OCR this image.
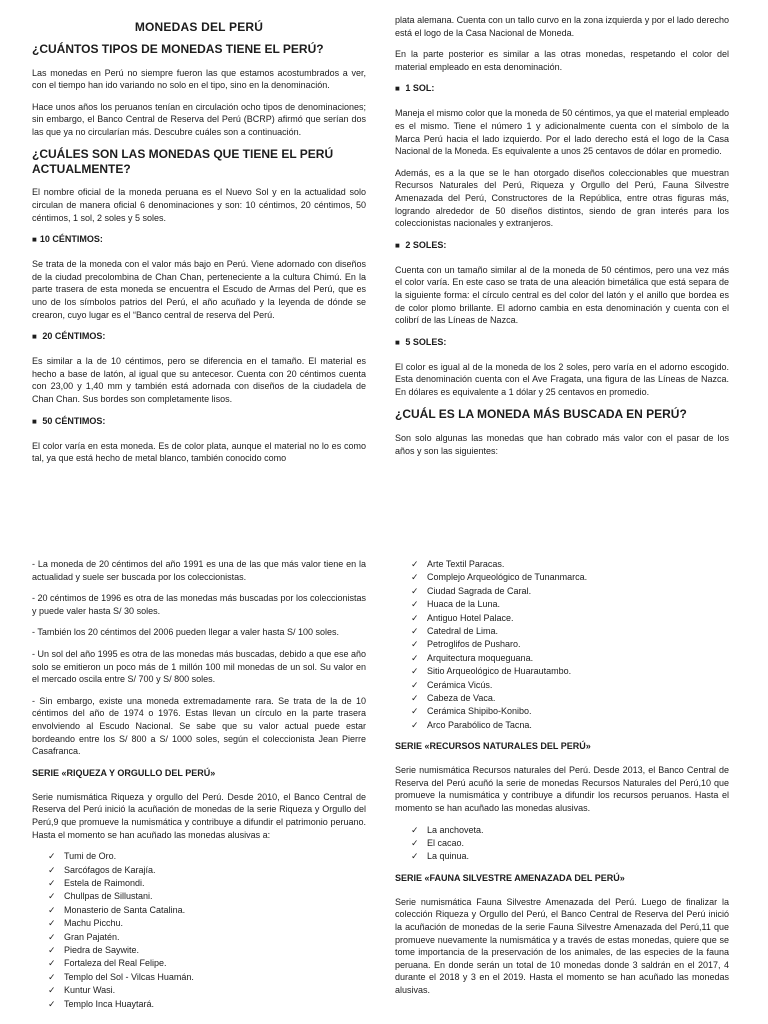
MONEDAS DEL PERÚ
¿CUÁNTOS TIPOS DE MONEDAS TIENE EL PERÚ?

Las monedas en Perú no siempre fueron las que estamos acostumbrados a ver, con el tiempo han ido variando no solo en el tipo, sino en la denominación.

Hace unos años los peruanos tenían en circulación ocho tipos de denominaciones; sin embargo, el Banco Central de Reserva del Perú (BCRP) afirmó que serían dos las que ya no circularían más. Descubre cuáles son a continuación.

¿CUÁLES SON LAS MONEDAS QUE TIENE EL PERÚ ACTUALMENTE?

El nombre oficial de la moneda peruana es el Nuevo Sol y en la actualidad solo circulan de manera oficial 6 denominaciones y son: 10 céntimos, 20 céntimos, 50 céntimos, 1 sol, 2 soles y 5 soles.

■ 10 CÉNTIMOS:

Se trata de la moneda con el valor más bajo en Perú. Viene adornado con diseños de la ciudad precolombina de Chan Chan, perteneciente a la cultura Chimú. En la parte trasera de esta moneda se encuentra el Escudo de Armas del Perú, que es uno de los símbolos patrios del Perú, el año acuñado y la leyenda de dónde se crearon, cuyo lugar es el “Banco central de reserva del Perú.

■ 20 CÉNTIMOS:

Es similar a la de 10 céntimos, pero se diferencia en el tamaño. El material es hecho a base de latón, al igual que su antecesor. Cuenta con 20 céntimos cuenta con 23,00 y 1,40 mm y también está adornada con diseños de la ciudadela de Chan Chan. Sus bordes son completamente lisos.

■ 50 CÉNTIMOS:

El color varía en esta moneda. Es de color plata, aunque el material no lo es como tal, ya que está hecho de metal blanco, también conocido como

plata alemana. Cuenta con un tallo curvo en la zona izquierda y por el lado derecho está el logo de la Casa Nacional de Moneda.

En la parte posterior es similar a las otras monedas, respetando el color del material empleado en esta denominación.

■ 1 SOL:

Maneja el mismo color que la moneda de 50 céntimos, ya que el material empleado es el mismo. Tiene el número 1 y adicionalmente cuenta con el símbolo de la Marca Perú hacia el lado izquierdo. Por el lado derecho está el logo de la Casa Nacional de la Moneda. Es equivalente a unos 25 centavos de dólar en promedio.

Además, es a la que se le han otorgado diseños coleccionables que muestran Recursos Naturales del Perú, Riqueza y Orgullo del Perú, Fauna Silvestre Amenazada del Perú, Constructores de la República, entre otras figuras más, logrando alrededor de 50 diseños distintos, siendo de gran interés para los coleccionistas nacionales y extranjeros.

■ 2 SOLES:

Cuenta con un tamaño similar al de la moneda de 50 céntimos, pero una vez más el color varía. En este caso se trata de una aleación bimetálica que está separa de la siguiente forma: el círculo central es del color del latón y el anillo que bordea es de color plomo brillante. El adorno cambia en esta denominación y cuenta con el colibrí de las Líneas de Nazca.

■ 5 SOLES:

El color es igual al de la moneda de los 2 soles, pero varía en el adorno escogido. Esta denominación cuenta con el Ave Fragata, una figura de las Líneas de Nazca. En dólares es equivalente a 1 dólar y 25 centavos en promedio.

¿CUÁL ES LA MONEDA MÁS BUSCADA EN PERÚ?

Son solo algunas las monedas que han cobrado más valor con el pasar de los años y son las siguientes:

- La moneda de 20 céntimos del año 1991 es una de las que más valor tiene en la actualidad y suele ser buscada por los coleccionistas.

- 20 céntimos de 1996 es otra de las monedas más buscadas por los coleccionistas y puede valer hasta S/ 30 soles.

- También los 20 céntimos del 2006 pueden llegar a valer hasta S/ 100 soles.

- Un sol del año 1995 es otra de las monedas más buscadas, debido a que ese año solo se emitieron un poco más de 1 millón 100 mil monedas de un sol. Su valor en el mercado oscila entre S/ 700 y S/ 800 soles.

- Sin embargo, existe una moneda extremadamente rara. Se trata de la de 10 céntimos del año de 1974 o 1976. Estas llevan un círculo en la parte trasera envolviendo al Escudo Nacional. Se sabe que su valor actual puede estar bordeando entre los S/ 800 a S/ 1000 soles, según el coleccionista Jean Pierre Casafranca.

SERIE «RIQUEZA Y ORGULLO DEL PERÚ»

Serie numismática Riqueza y orgullo del Perú. Desde 2010, el Banco Central de Reserva del Perú inició la acuñación de monedas de la serie Riqueza y Orgullo del Perú,9 que promueve la numismática y contribuye a difundir el patrimonio peruano. Hasta el momento se han acuñado las monedas alusivas a:

✓ Tumi de Oro.
✓ Sarcófagos de Karajía.
✓ Estela de Raimondi.
✓ Chullpas de Sillustani.
✓ Monasterio de Santa Catalina.
✓ Machu Picchu.
✓ Gran Pajatén.
✓ Piedra de Saywite.
✓ Fortaleza del Real Felipe.
✓ Templo del Sol - Vilcas Huamán.
✓ Kuntur Wasi.
✓ Templo Inca Huaytará.
✓ Arte Textil Paracas.
✓ Complejo Arqueológico de Tunanmarca.
✓ Ciudad Sagrada de Caral.
✓ Huaca de la Luna.
✓ Antiguo Hotel Palace.
✓ Catedral de Lima.
✓ Petroglifos de Pusharo.
✓ Arquitectura moqueguana.
✓ Sitio Arqueológico de Huarautambo.
✓ Cerámica Vicús.
✓ Cabeza de Vaca.
✓ Cerámica Shipibo-Konibo.
✓ Arco Parabólico de Tacna.
SERIE «RECURSOS NATURALES DEL PERÚ»

Serie numismática Recursos naturales del Perú. Desde 2013, el Banco Central de Reserva del Perú acuñó la serie de monedas Recursos Naturales del Perú,10 que promueve la numismática y contribuye a difundir los recursos peruanos. Hasta el momento se han acuñado las monedas alusivas.

✓ La anchoveta.
✓ El cacao.
✓ La quinua.
SERIE «FAUNA SILVESTRE AMENAZADA DEL PERÚ»

Serie numismática Fauna Silvestre Amenazada del Perú. Luego de finalizar la colección Riqueza y Orgullo del Perú, el Banco Central de Reserva del Perú inició la acuñación de monedas de la serie Fauna Silvestre Amenazada del Perú,11 que promueve nuevamente la numismática y a través de estas monedas, quiere que se tome importancia de la preservación de los animales, de las especies de la fauna peruana. En donde serán un total de 10 monedas donde 3 saldrán en el 2017, 4 durante el 2018 y 3 en el 2019. Hasta el momento se han acuñado las monedas alusivas.
